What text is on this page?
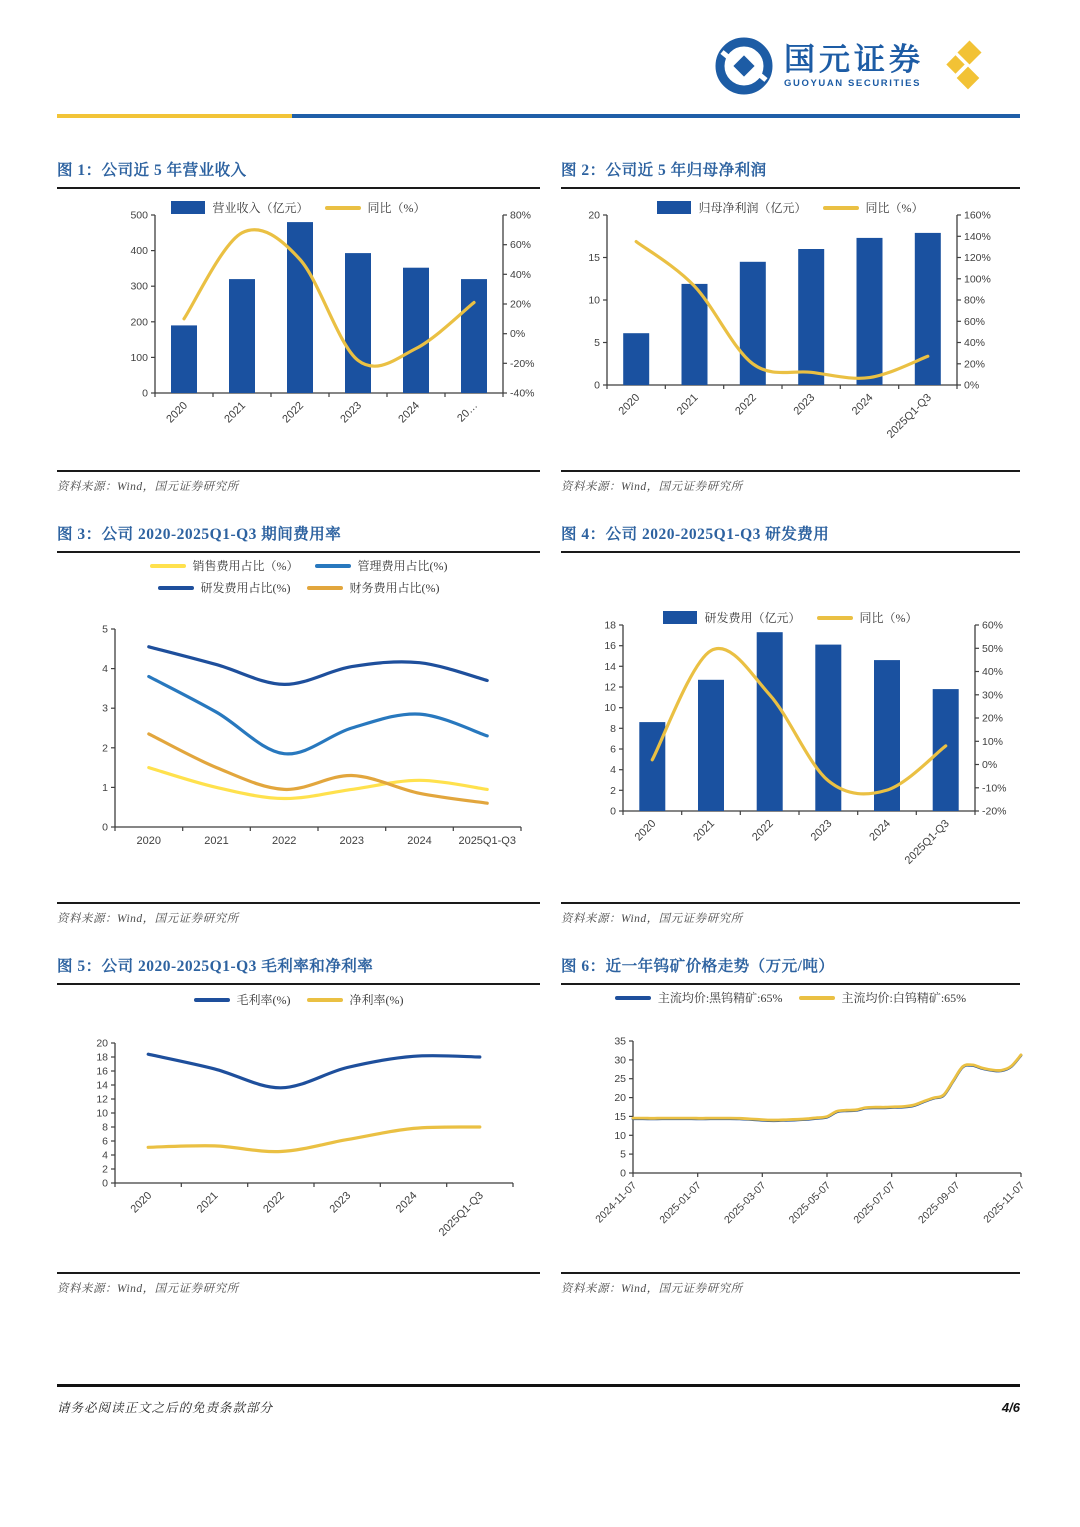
国元证券
GUOYUAN SECURITIES
图 1：公司近 5 年营业收入
营业收入（亿元）	同比（%）
0
100
200
300
400
500
-40%
-20%
0%
20%
40%
60%
80%
2020	2021	2022	2023	2024	20…
资料来源：Wind，国元证券研究所
图 2：公司近 5 年归母净利润
归母净利润（亿元）	同比（%）
0
5
10
15
20
0%
20%
40%
60%
80%
100%
120%
140%
160%
2020	2021	2022	2023	2024 2025Q1-Q3
资料来源：Wind，国元证券研究所
图 3：公司 2020-2025Q1-Q3 期间费用率
销售费用占比（%）	管理费用占比(%)
研发费用占比(%)	财务费用占比(%)
0
1
2
3
4
5
2020	2021	2022	2023	2024 2025Q1-Q3
资料来源：Wind，国元证券研究所
图 4：公司 2020-2025Q1-Q3 研发费用
研发费用（亿元）	同比（%）
0
2
4
6
8
10
12
14
16
18
-20%
-10%
0%
10%
20%
30%
40%
50%
60%
2020	2021	2022	2023	2024 2025Q1-Q3
资料来源：Wind，国元证券研究所
图 5：公司 2020-2025Q1-Q3 毛利率和净利率
毛利率(%)	净利率(%)
0
2
4
6
8
10
12
14
16
18
20
2020	2021	2022	2023	2024 2025Q1-Q3
资料来源：Wind，国元证券研究所
图 6：近一年钨矿价格走势（万元/吨）
主流均价:黑钨精矿:65%	主流均价:白钨精矿:65%
0
5
10
15
20
25
30
35
2024-11-07 2025-01-07 2025-03-07 2025-05-07 2025-07-07 2025-09-07 2025-11-07
资料来源：Wind，国元证券研究所
请务必阅读正文之后的免责条款部分	4/6
